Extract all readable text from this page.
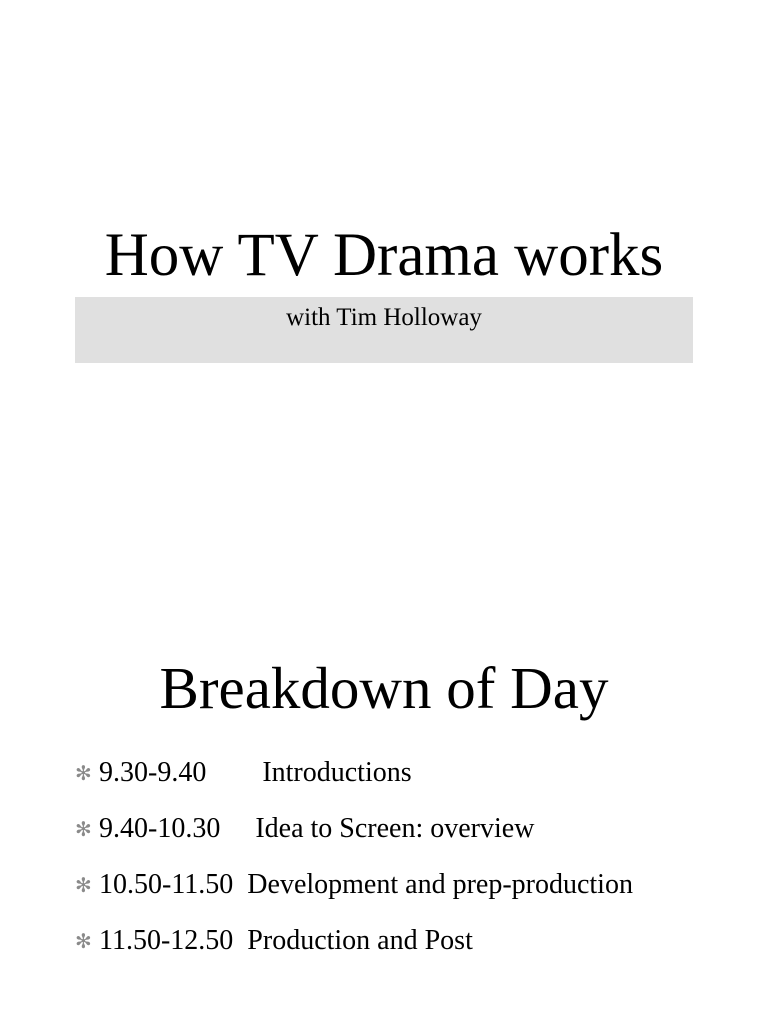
How TV Drama works
with Tim Holloway
Breakdown of Day
✻ 9.30-9.40 Introductions
✻ 9.40-10.30 Idea to Screen: overview
✻ 10.50-11.50 Development and prep-production
✻ 11.50-12.50 Production and Post
